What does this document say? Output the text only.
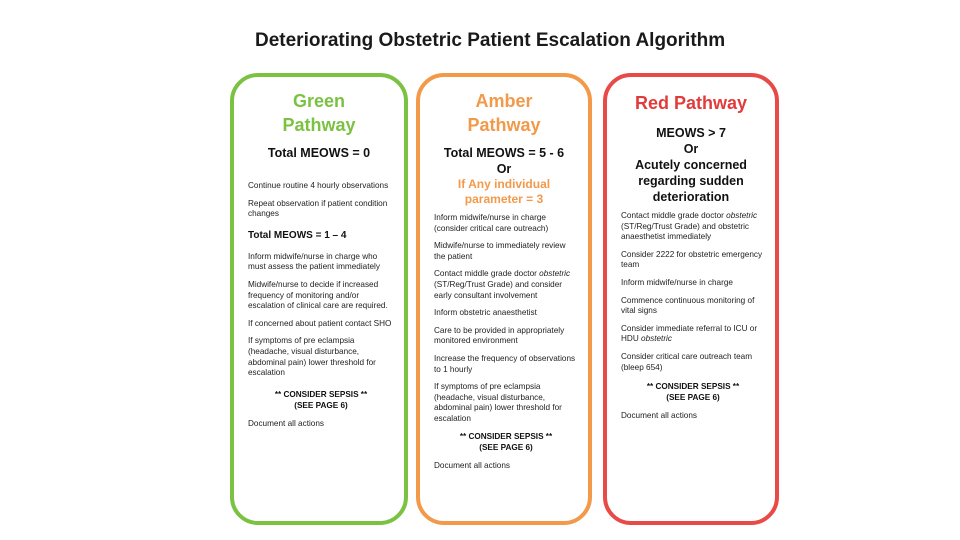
Deteriorating Obstetric Patient Escalation Algorithm
Green
Pathway
Total MEOWS = 0
Continue routine 4 hourly observations
Repeat observation if patient condition changes
Total MEOWS = 1 – 4
Inform midwife/nurse in charge who must assess the patient immediately
Midwife/nurse to decide if increased frequency of monitoring and/or escalation of clinical care are required.
If concerned about patient contact SHO
If symptoms of pre eclampsia (headache, visual disturbance, abdominal pain) lower threshold for escalation
** CONSIDER SEPSIS **
(SEE PAGE 6)
Document all actions
Amber
Pathway
Total MEOWS = 5 - 6
Or
If Any individual
parameter = 3
Inform midwife/nurse in charge (consider critical care outreach)
Midwife/nurse to immediately review the patient
Contact middle grade doctor obstetric (ST/Reg/Trust Grade) and consider early consultant involvement
Inform obstetric anaesthetist
Care to be provided in appropriately monitored environment
Increase the frequency of observations to 1 hourly
If symptoms of pre eclampsia (headache, visual disturbance, abdominal pain) lower threshold for escalation
** CONSIDER SEPSIS **
(SEE PAGE 6)
Document all actions
Red Pathway
MEOWS > 7
Or
Acutely concerned
regarding sudden
deterioration
Contact middle grade doctor obstetric (ST/Reg/Trust Grade) and obstetric anaesthetist immediately
Consider 2222 for obstetric emergency team
Inform midwife/nurse in charge
Commence continuous monitoring of vital signs
Consider immediate referral to ICU or HDU obstetric
Consider critical care outreach team (bleep 654)
** CONSIDER SEPSIS **
(SEE PAGE 6)
Document all actions
